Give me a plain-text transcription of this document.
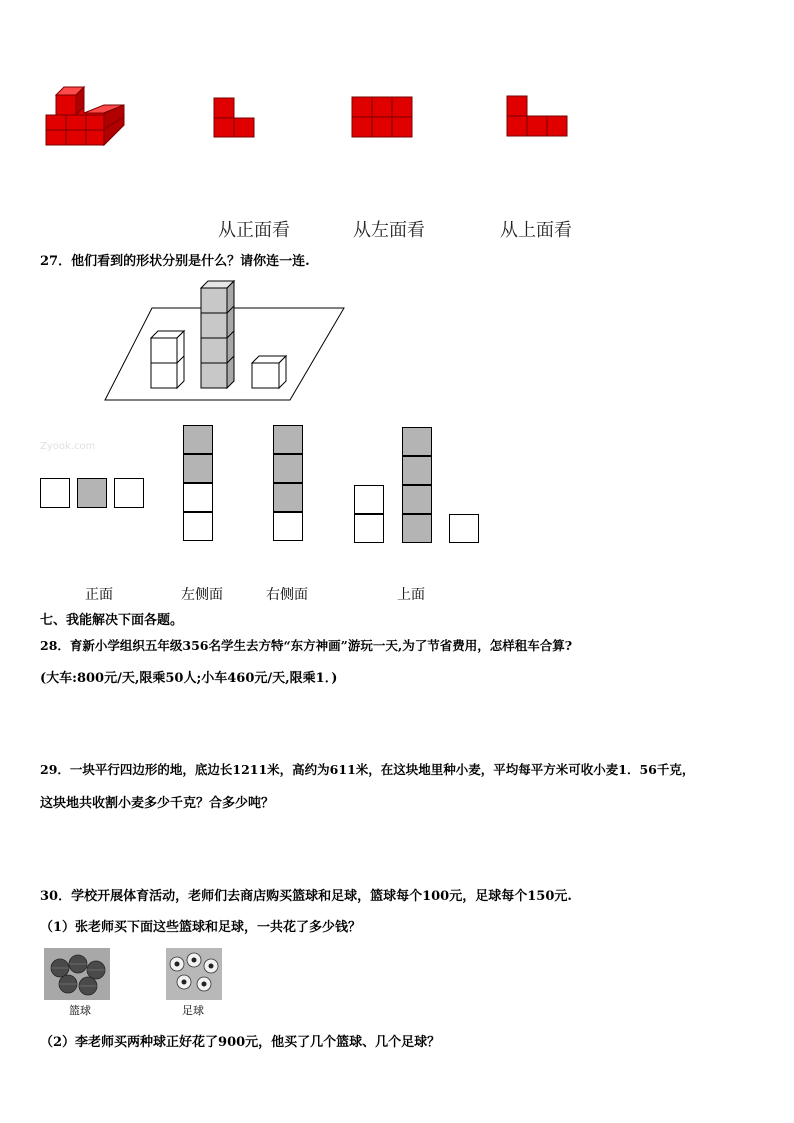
从正面看	从左面看	从上面看
27．他们看到的形状分别是什么？请你连一连.
Zyook.com
正面	左侧面	右侧面	上面
七、我能解决下面各题。
28．育新小学组织五年级356名学生去方特“东方神画”游玩一天,为了节省费用，怎样租车合算?
(大车:800元/天,限乘50人;小车460元/天,限乘1．)
29．一块平行四边形的地，底边长1211米，高约为611米，在这块地里种小麦，平均每平方米可收小麦1．56千克，
这块地共收割小麦多少千克？合多少吨？
30．学校开展体育活动，老师们去商店购买篮球和足球，篮球每个100元，足球每个150元.
（1）张老师买下面这些篮球和足球，一共花了多少钱？
篮球	足球
（2）李老师买两种球正好花了900元，他买了几个篮球、几个足球？
